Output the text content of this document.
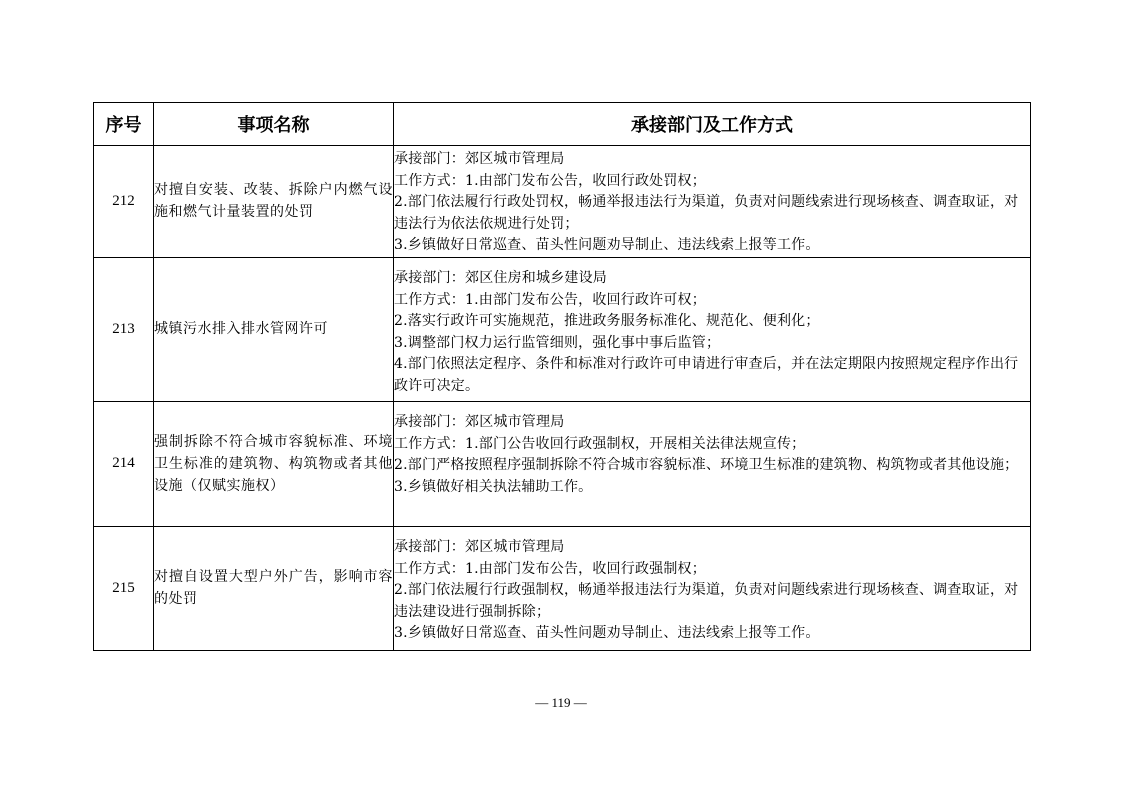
序号	事项名称	承接部门及工作方式
212	对擅自安装、改装、拆除户内燃气设施和燃气计量装置的处罚	承接部门：郊区城市管理局
工作方式：1.由部门发布公告，收回行政处罚权；
2.部门依法履行行政处罚权，畅通举报违法行为渠道，负责对问题线索进行现场核查、调查取证，对违法行为依法依规进行处罚；
3.乡镇做好日常巡查、苗头性问题劝导制止、违法线索上报等工作。

213	城镇污水排入排水管网许可	承接部门：郊区住房和城乡建设局
工作方式：1.由部门发布公告，收回行政许可权；
2.落实行政许可实施规范，推进政务服务标准化、规范化、便利化；
3.调整部门权力运行监管细则，强化事中事后监管；
4.部门依照法定程序、条件和标准对行政许可申请进行审查后，并在法定期限内按照规定程序作出行政许可决定。

214	强制拆除不符合城市容貌标准、环境卫生标准的建筑物、构筑物或者其他设施（仅赋实施权）	承接部门：郊区城市管理局
工作方式：1.部门公告收回行政强制权，开展相关法律法规宣传；
2.部门严格按照程序强制拆除不符合城市容貌标准、环境卫生标准的建筑物、构筑物或者其他设施；
3.乡镇做好相关执法辅助工作。

215	对擅自设置大型户外广告，影响市容的处罚	承接部门：郊区城市管理局
工作方式：1.由部门发布公告，收回行政强制权；
2.部门依法履行行政强制权，畅通举报违法行为渠道，负责对问题线索进行现场核查、调查取证，对违法建设进行强制拆除；
3.乡镇做好日常巡查、苗头性问题劝导制止、违法线索上报等工作。
— 119 —
